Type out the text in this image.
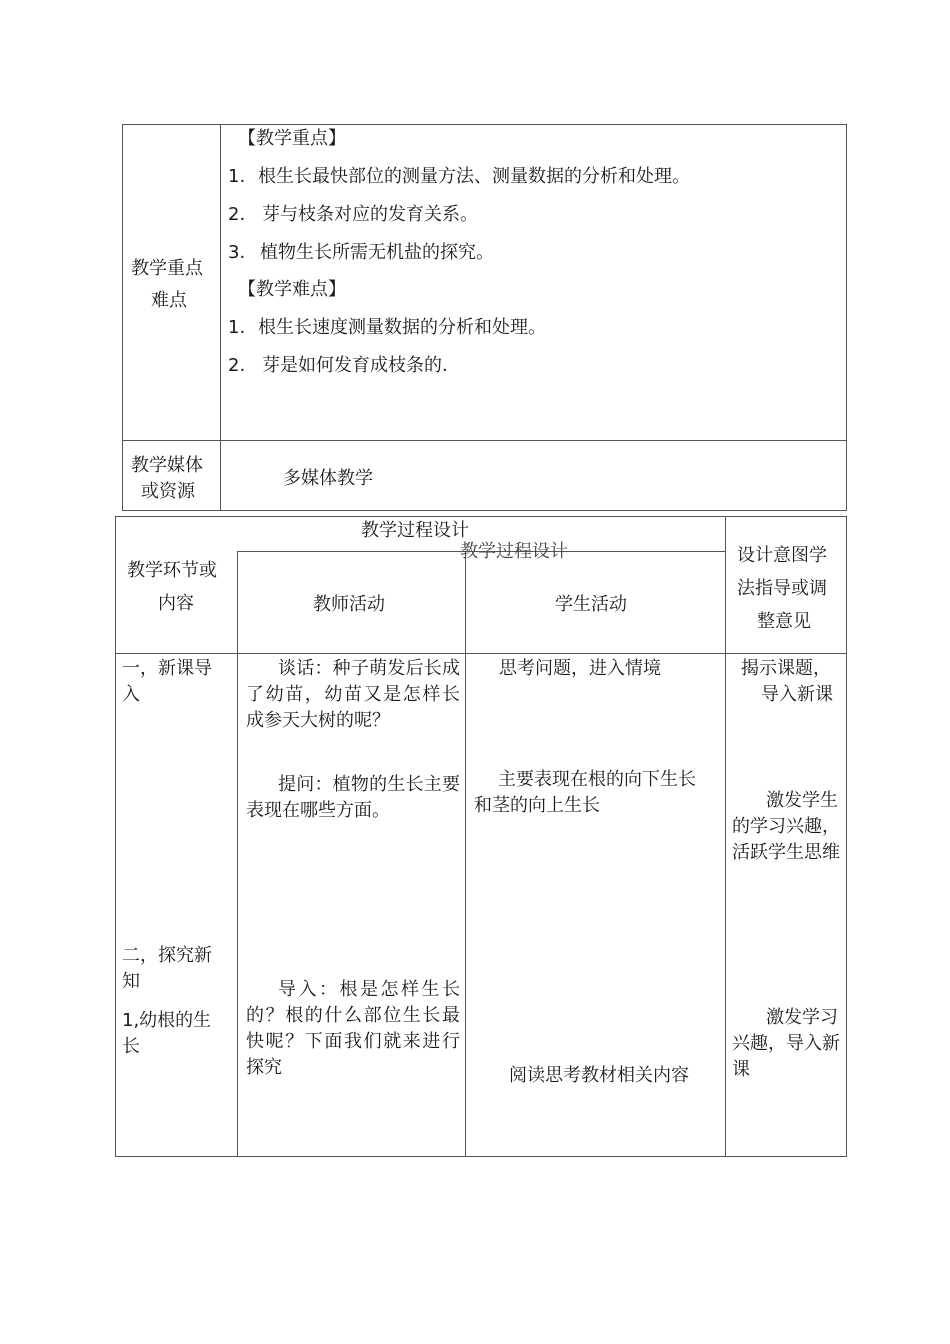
教学重点
难点
【教学重点】
1. 根生长最快部位的测量方法、测量数据的分析和处理。
2. 芽与枝条对应的发育关系。
3. 植物生长所需无机盐的探究。
【教学难点】
1. 根生长速度测量数据的分析和处理。
2. 芽是如何发育成枝条的.
教学媒体
或资源
多媒体教学
教学过程设计
教学过程设计
教学环节或
内容	教师活动	学生活动
设计意图学
法指导或调
整意见
一，新课导
入
二，探究新
知
1,幼根的生
长
谈话：种子萌发后长成了幼苗，幼苗又是怎样长成参天大树的呢？
提问：植物的生长主要表现在哪些方面。
导入：根是怎样生长的？根的什么部位生长最快呢？下面我们就来进行探究
思考问题，进入情境
主要表现在根的向下生长和茎的向上生长
阅读思考教材相关内容
揭示课题，
导入新课
激发学生的学习兴趣，活跃学生思维
激发学习兴趣，导入新课
